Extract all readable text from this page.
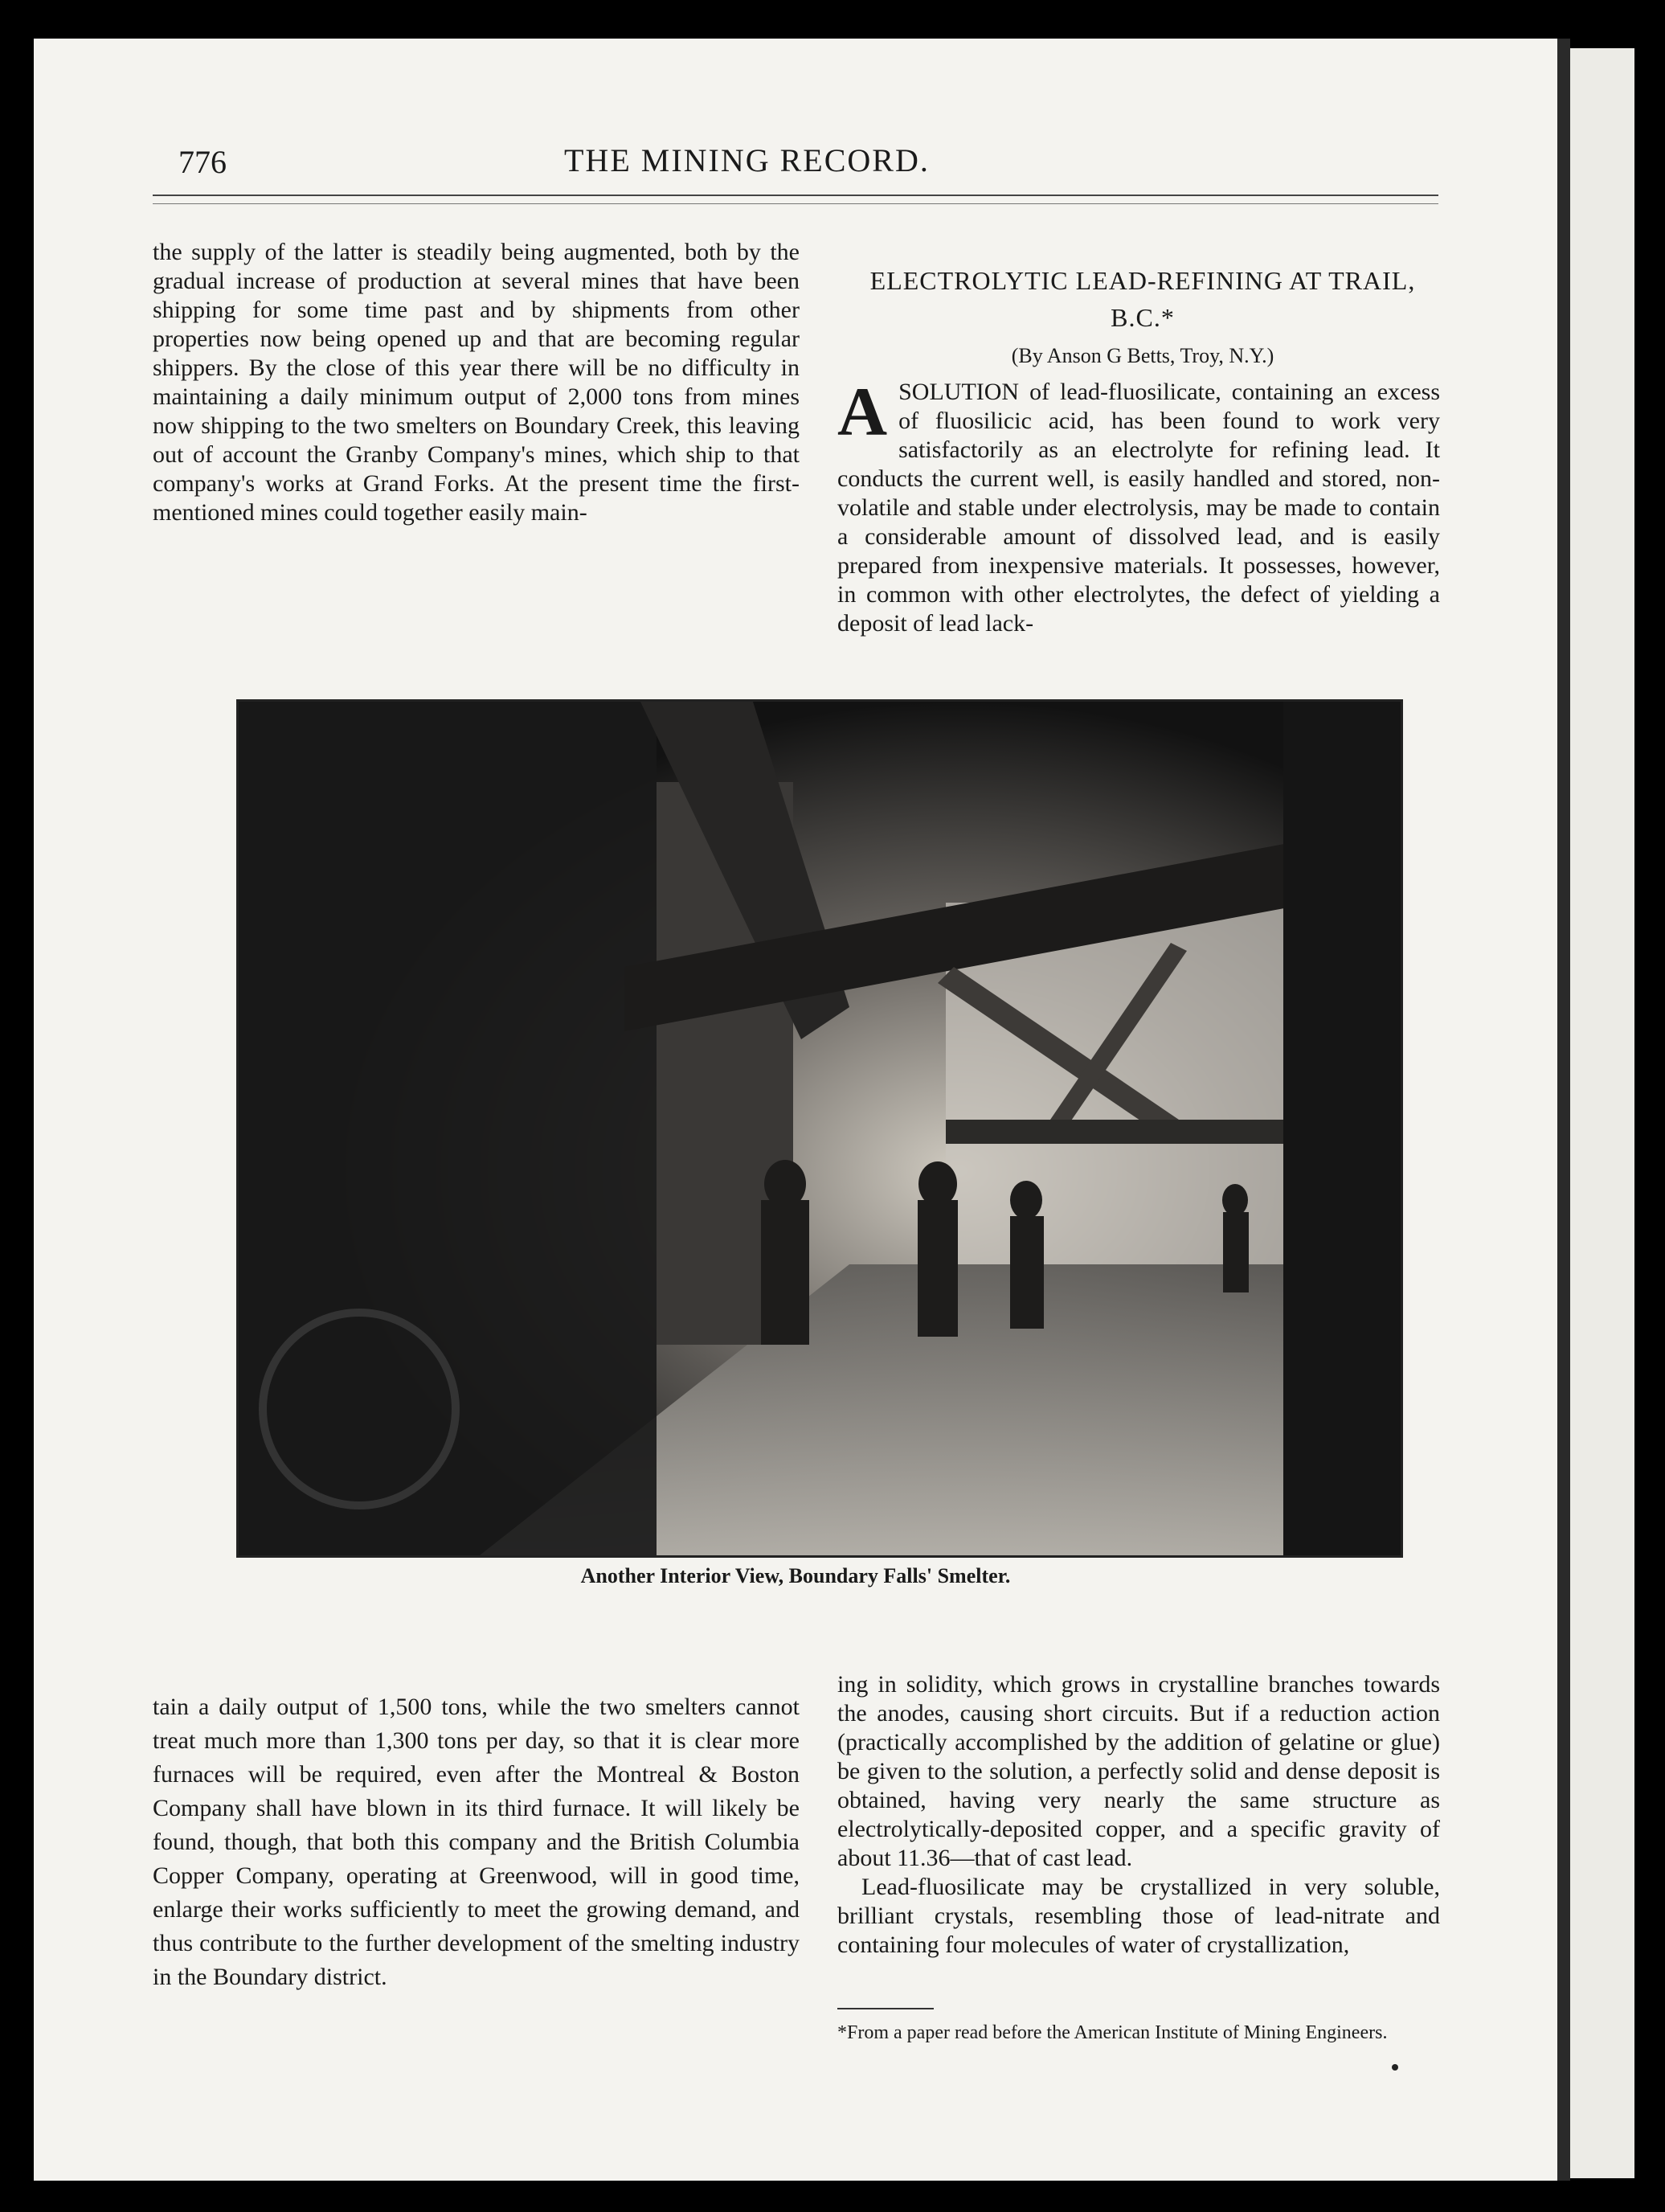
776	THE MINING RECORD.

the supply of the latter is steadily being augmented, both by the gradual increase of production at several mines that have been shipping for some time past and by shipments from other properties now being opened up and that are becoming regular shippers. By the close of this year there will be no difficulty in maintaining a daily minimum output of 2,000 tons from mines now shipping to the two smelters on Boundary Creek, this leaving out of account the Granby Company's mines, which ship to that company's works at Grand Forks. At the present time the first-mentioned mines could together easily main-

ELECTROLYTIC LEAD-REFINING AT TRAIL, B.C.*
(By Anson G Betts, Troy, N.Y.)
A SOLUTION of lead-fluosilicate, containing an excess of fluosilicic acid, has been found to work very satisfactorily as an electrolyte for refining lead. It conducts the current well, is easily handled and stored, non-volatile and stable under electrolysis, may be made to contain a considerable amount of dissolved lead, and is easily prepared from inexpensive materials. It possesses, however, in common with other electrolytes, the defect of yielding a deposit of lead lack-
Another Interior View, Boundary Falls' Smelter.

tain a daily output of 1,500 tons, while the two smelters cannot treat much more than 1,300 tons per day, so that it is clear more furnaces will be required, even after the Montreal & Boston Company shall have blown in its third furnace. It will likely be found, though, that both this company and the British Columbia Copper Company, operating at Greenwood, will in good time, enlarge their works sufficiently to meet the growing demand, and thus contribute to the further development of the smelting industry in the Boundary district.

ing in solidity, which grows in crystalline branches towards the anodes, causing short circuits. But if a reduction action (practically accomplished by the addition of gelatine or glue) be given to the solution, a perfectly solid and dense deposit is obtained, having very nearly the same structure as electrolytically-deposited copper, and a specific gravity of about 11.36—that of cast lead.

Lead-fluosilicate may be crystallized in very soluble, brilliant crystals, resembling those of lead-nitrate and containing four molecules of water of crystallization,

*From a paper read before the American Institute of Mining Engineers.
